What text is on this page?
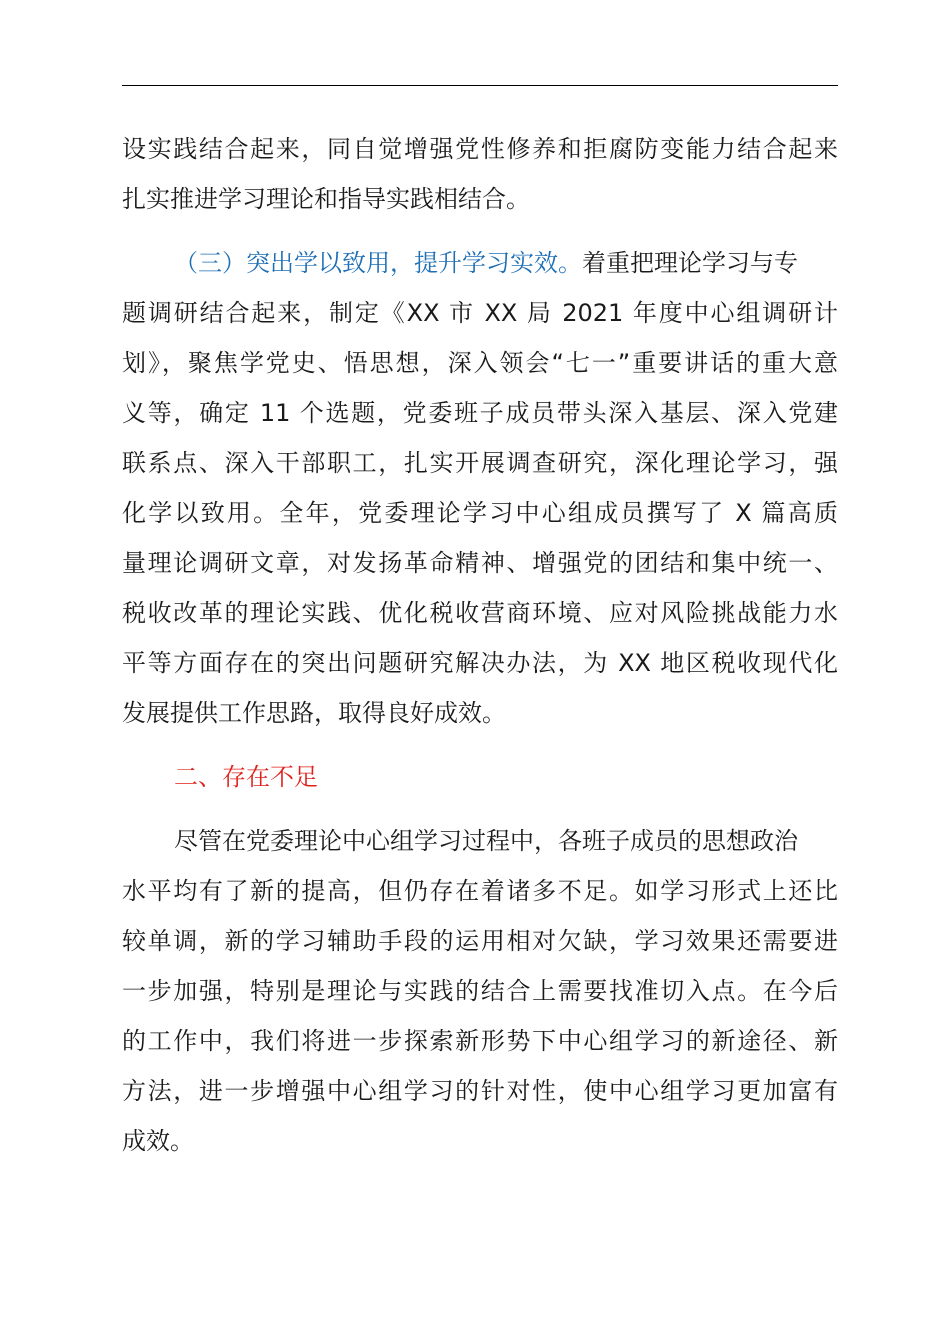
设实践结合起来，同自觉增强党性修养和拒腐防变能力结合起来
扎实推进学习理论和指导实践相结合。
（三）突出学以致用，提升学习实效。着重把理论学习与专
题调研结合起来，制定《XX 市 XX 局 2021 年度中心组调研计
划》，聚焦学党史、悟思想，深入领会“七一”重要讲话的重大意
义等，确定 11 个选题，党委班子成员带头深入基层、深入党建
联系点、深入干部职工，扎实开展调查研究，深化理论学习，强
化学以致用。全年，党委理论学习中心组成员撰写了 X 篇高质
量理论调研文章，对发扬革命精神、增强党的团结和集中统一、
税收改革的理论实践、优化税收营商环境、应对风险挑战能力水
平等方面存在的突出问题研究解决办法，为 XX 地区税收现代化
发展提供工作思路，取得良好成效。
二、存在不足
尽管在党委理论中心组学习过程中，各班子成员的思想政治
水平均有了新的提高，但仍存在着诸多不足。如学习形式上还比
较单调，新的学习辅助手段的运用相对欠缺，学习效果还需要进
一步加强，特别是理论与实践的结合上需要找准切入点。在今后
的工作中，我们将进一步探索新形势下中心组学习的新途径、新
方法，进一步增强中心组学习的针对性，使中心组学习更加富有
成效。
